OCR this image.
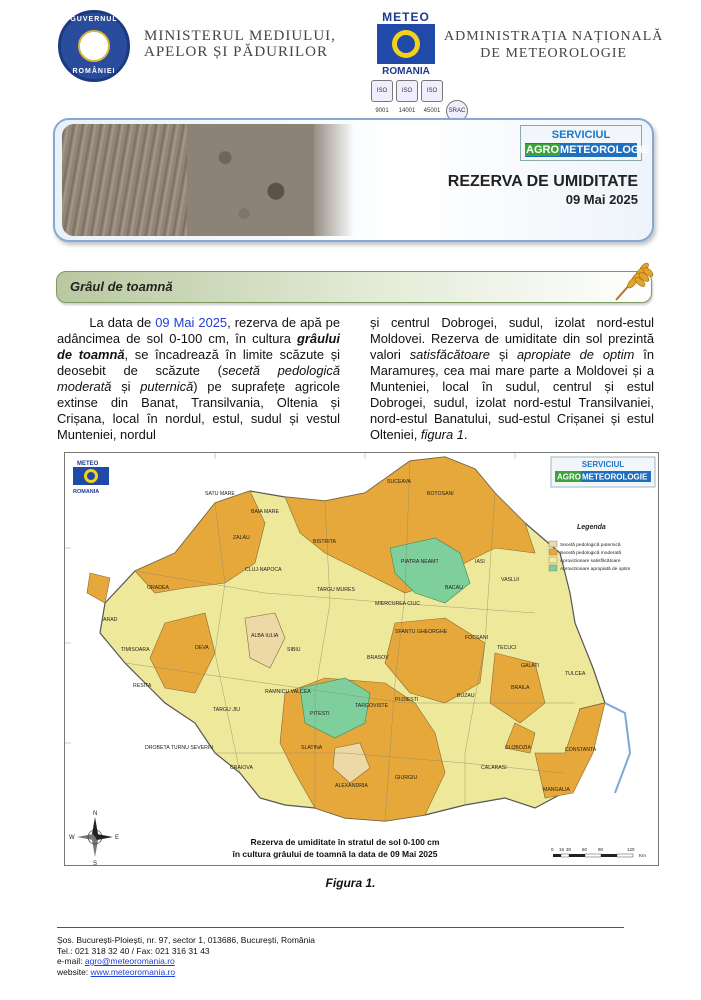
GUVERNUL
ROMÂNIEI
MINISTERUL MEDIULUI,
APELOR ȘI PĂDURILOR
METEO
ROMANIA
ISO 9001ISO 14001ISO 45001 SRAC
ADMINISTRAȚIA NAȚIONALĂ
DE METEOROLOGIE
SERVICIUL
AGROMETEOROLOGIE
REZERVA DE UMIDITATE
09 Mai 2025
Grâul de toamnă
La data de 09 Mai 2025, rezerva de apă pe adâncimea de sol 0-100 cm, în cultura grâului de toamnă, se încadrează în limite scăzute și deosebit de scăzute (secetă pedologică moderată și puternică) pe suprafețe agricole extinse din Banat, Transilvania, Oltenia și Crișana, local în nordul, estul, sudul și vestul Munteniei, nordul
și centrul Dobrogei, sudul, izolat nord-estul Moldovei. Rezerva de umiditate din sol prezintă valori satisfăcătoare și apropiate de optim în Maramureș, cea mai mare parte a Moldovei și a Munteniei, local în sudul, centrul și estul Dobrogei, sudul, izolat nord-estul Transilvaniei, nord-estul Banatului, sud-estul Crișanei și estul Olteniei, figura 1.
SATU MARE
BAIA MARE
SUCEAVA
BOTOSANI
ZALAU
BISTRITA
PIATRA NEAMT	IASI
BACAU
VASLUI
ORADEA
CLUJ-NAPOCA
TARGU MURES
MIERCUREA CIUC
ARAD
TIMISOARA
ALBA IULIA
SIBIU
BRASOV
SFANTU GHEORGHE
FOCSANI
TECUCI
GALATI
BRAILA
TULCEA
RESITA
DEVA
TARGU JIU
RAMNICU VALCEA
PITESTI
TARGOVISTE
PLOIESTI
BUZAU
SLOBOZIA	CONSTANTA
DROBETA TURNU SEVERIN
CRAIOVA
SLATINA
ALEXANDRIA
GIURGIU
CALARASI
MANGALIA
METEO
ROMANIA
SERVICIUL
AGRO METEOROLOGIE
Legenda
Secetă pedologică puternică
Secetă pedologică moderată
Aprovizionare satisfăcătoare
Aprovizionare apropiată de optim
N
S
E
W	Rezerva de umiditate în stratul de sol 0-100 cm
în cultura grâului de toamnă la data de 09 Mai 2025	0 15 30 60 90	120
Km
Figura 1.
Șos. București-Ploiești, nr. 97, sector 1, 013686, București, România
Tel.: 021 318 32 40 / Fax: 021 316 31 43
e-mail: agro@meteoromania.ro
website: www.meteoromania.ro
